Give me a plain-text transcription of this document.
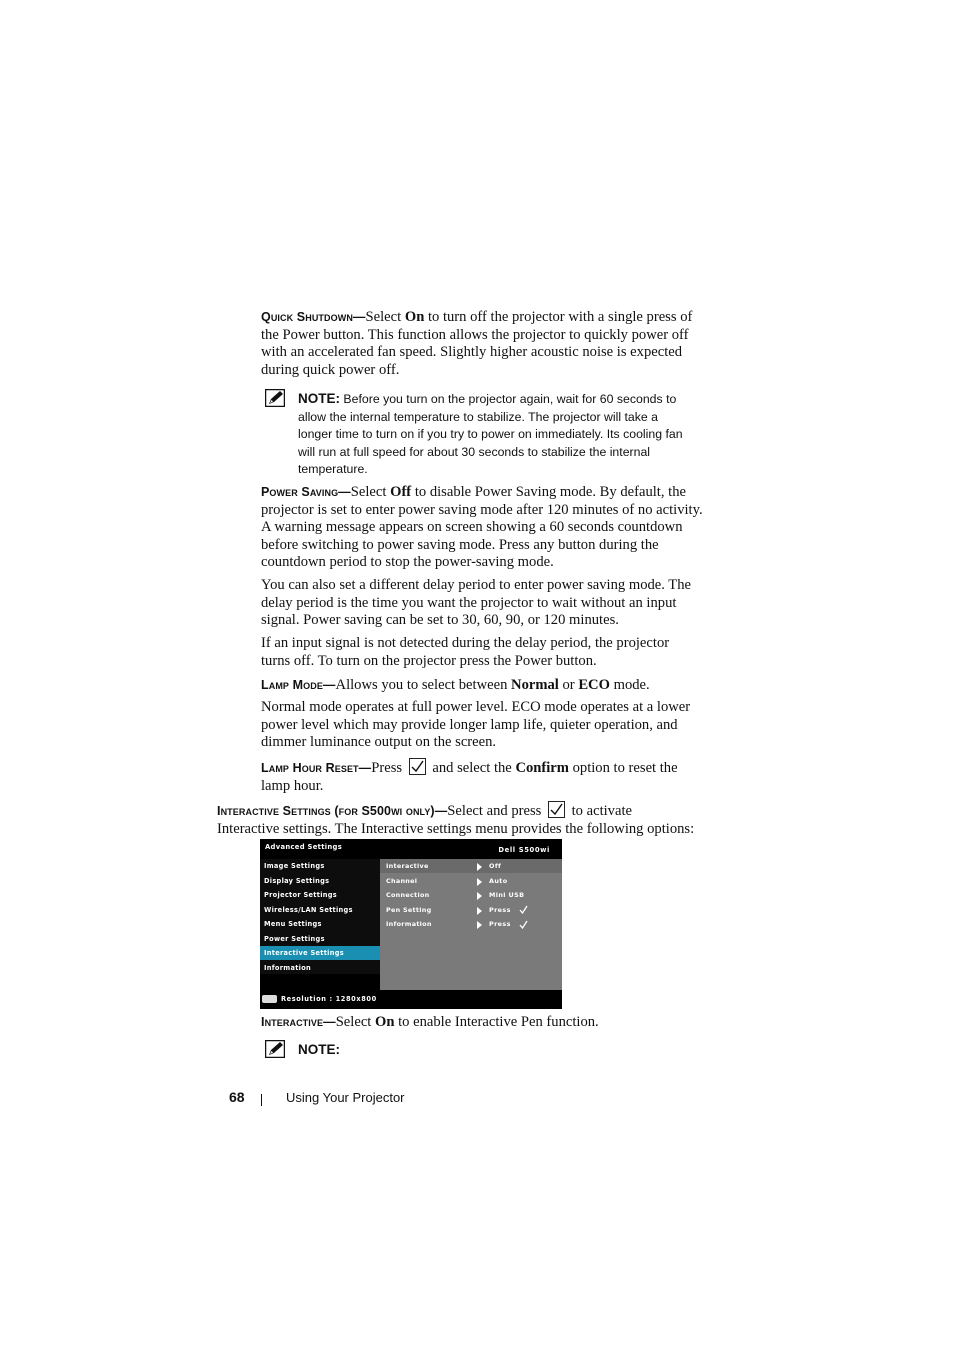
Quick Shutdown—Select On to turn off the projector with a single press of
the Power button. This function allows the projector to quickly power off
with an accelerated fan speed. Slightly higher acoustic noise is expected
during quick power off.
NOTE: Before you turn on the projector again, wait for 60 seconds to
allow the internal temperature to stabilize. The projector will take a
longer time to turn on if you try to power on immediately. Its cooling fan
will run at full speed for about 30 seconds to stabilize the internal
temperature.
Power Saving—Select Off to disable Power Saving mode. By default, the
projector is set to enter power saving mode after 120 minutes of no activity.
A warning message appears on screen showing a 60 seconds countdown
before switching to power saving mode. Press any button during the
countdown period to stop the power-saving mode.
You can also set a different delay period to enter power saving mode. The
delay period is the time you want the projector to wait without an input
signal. Power saving can be set to 30, 60, 90, or 120 minutes.
If an input signal is not detected during the delay period, the projector
turns off. To turn on the projector press the Power button.
Lamp Mode—Allows you to select between Normal or ECO mode.
Normal mode operates at full power level. ECO mode operates at a lower
power level which may provide longer lamp life, quieter operation, and
dimmer luminance output on the screen.
Lamp Hour Reset—Press
and select the Confirm option to reset the
lamp hour.
Interactive Settings (for S500wi only)—Select and press
to activate
Interactive settings. The Interactive settings menu provides the following options:
Advanced Settings	Dell S500wi
Image Settings
Display Settings
Projector Settings
Wireless/LAN Settings
Menu Settings
Power Settings
Interactive Settings
Information
Interactive	Off
Channel	Auto
Connection	Mini USB
Pen Setting	Press
Information	Press
Resolution : 1280x800
Interactive—Select On to enable Interactive Pen function.
NOTE:
68	Using Your Projector
